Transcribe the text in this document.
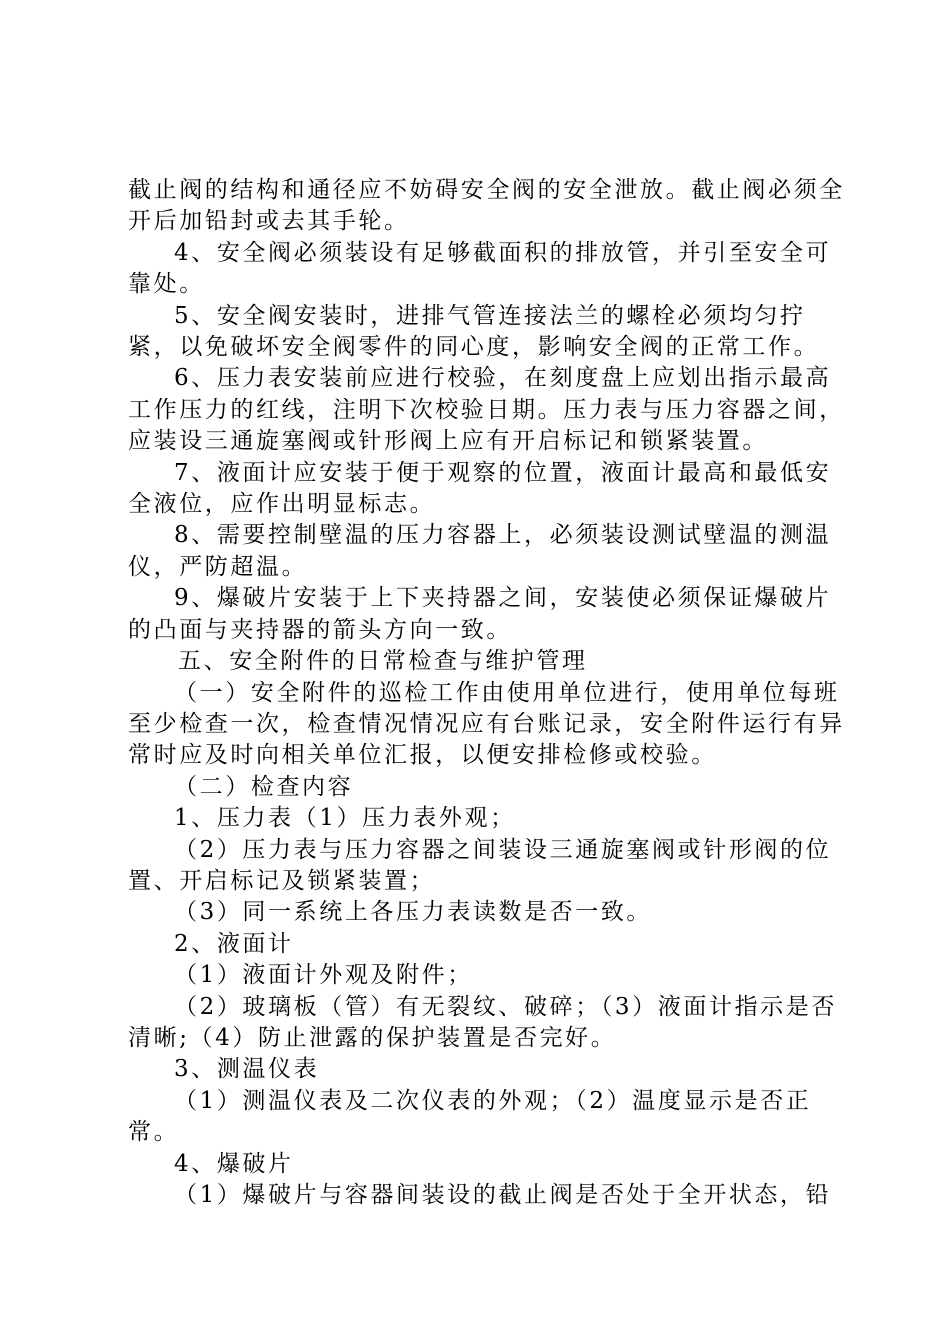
截止阀的结构和通径应不妨碍安全阀的安全泄放。截止阀必须全开后加铅封或去其手轮。

4、安全阀必须装设有足够截面积的排放管，并引至安全可靠处。

5、安全阀安装时，进排气管连接法兰的螺栓必须均匀拧紧，以免破坏安全阀零件的同心度，影响安全阀的正常工作。

6、压力表安装前应进行校验，在刻度盘上应划出指示最高工作压力的红线，注明下次校验日期。压力表与压力容器之间，应装设三通旋塞阀或针形阀上应有开启标记和锁紧装置。

7、液面计应安装于便于观察的位置，液面计最高和最低安全液位，应作出明显标志。

8、需要控制壁温的压力容器上，必须装设测试壁温的测温仪，严防超温。

9、爆破片安装于上下夹持器之间，安装使必须保证爆破片的凸面与夹持器的箭头方向一致。

五、安全附件的日常检查与维护管理

（一）安全附件的巡检工作由使用单位进行，使用单位每班至少检查一次，检查情况情况应有台账记录，安全附件运行有异常时应及时向相关单位汇报，以便安排检修或校验。

（二）检查内容

1、压力表（1）压力表外观；

（2）压力表与压力容器之间装设三通旋塞阀或针形阀的位置、开启标记及锁紧装置；

（3）同一系统上各压力表读数是否一致。

2、液面计

（1）液面计外观及附件；

（2）玻璃板（管）有无裂纹、破碎；（3）液面计指示是否清晰;（4）防止泄露的保护装置是否完好。

3、测温仪表

（1）测温仪表及二次仪表的外观；（2）温度显示是否正常。

4、爆破片

（1）爆破片与容器间装设的截止阀是否处于全开状态，铅
